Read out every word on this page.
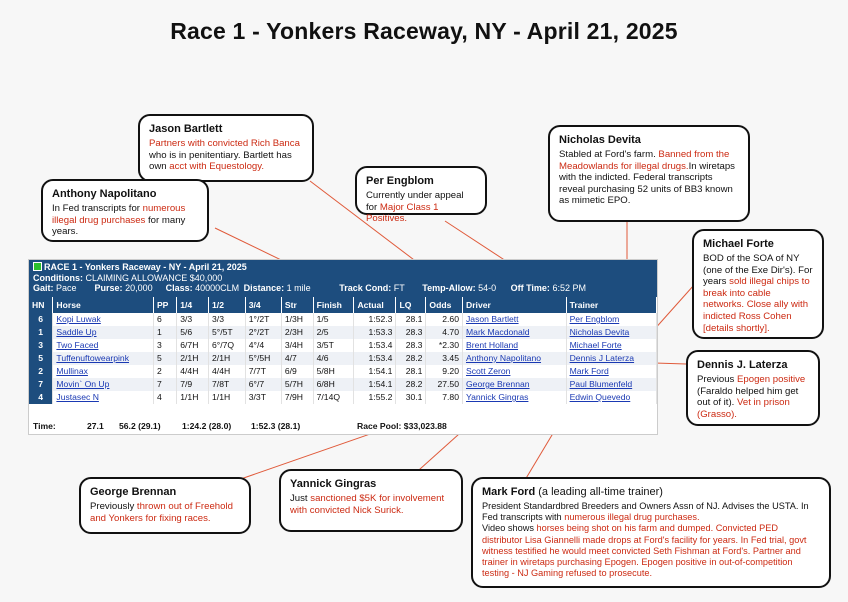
Race 1 - Yonkers Raceway, NY - April 21, 2025
RACE 1 - Yonkers Raceway - NY - April 21, 2025
Conditions: CLAIMING ALLOWANCE $40,000
Gait: Pace Purse: 20,000 Class: 40000CLM Distance: 1 mile	Track Cond: FT Temp-Allow: 54-0 Off Time: 6:52 PM
HN	Horse	PP	1/4	1/2	3/4	Str	Finish	Actual	LQ	Odds	Driver	Trainer
6	Kopi Luwak	6	3/3	3/3	1°/2T	1/3H	1/5	1:52.3	28.1	2.60	Jason Bartlett	Per Engblom
1	Saddle Up	1	5/6	5°/5T	2°/2T	2/3H	2/5	1:53.3	28.3	4.70	Mark Macdonald	Nicholas Devita
3	Two Faced	3	6/7H	6°/7Q	4°/4	3/4H	3/5T	1:53.4	28.3	*2.30	Brent Holland	Michael Forte
5	Tuffenuftowearpink	5	2/1H	2/1H	5°/5H	4/7	4/6	1:53.4	28.2	3.45	Anthony Napolitano	Dennis J Laterza
2	Mullinax	2	4/4H	4/4H	7/7T	6/9	5/8H	1:54.1	28.1	9.20	Scott Zeron	Mark Ford
7	Movin` On Up	7	7/9	7/8T	6°/7	5/7H	6/8H	1:54.1	28.2	27.50	George Brennan	Paul Blumenfeld
4	Justasec N	4	1/1H	1/1H	3/3T	7/9H	7/14Q	1:55.2	30.1	7.80	Yannick Gingras	Edwin Quevedo
Time:	27.1 56.2 (29.1) 1:24.2 (28.0) 1:52.3 (28.1)	Race Pool: $33,023.88
Jason Bartlett
Partners with convicted Rich Banca who is in penitentiary. Bartlett has own acct with Equestology.
Anthony Napolitano
In Fed transcripts for numerous illegal drug purchases for many years.
Per Engblom
Currently under appeal for Major Class 1 Positives.
Nicholas Devita
Stabled at Ford's farm. Banned from the Meadowlands for illegal drugs.In wiretaps with the indicted. Federal transcripts reveal purchasing 52 units of BB3 known as mimetic EPO.
Michael Forte
BOD of the SOA of NY (one of the Exe Dir's). For years sold illegal chips to break into cable networks. Close ally with indicted Ross Cohen [details shortly].
Dennis J. Laterza
Previous Epogen positive (Faraldo helped him get out of it). Vet in prison (Grasso).
George Brennan
Previously thrown out of Freehold and Yonkers for fixing races.
Yannick Gingras
Just sanctioned $5K for involvement with convicted Nick Surick.
Mark Ford (a leading all-time trainer)
President Standardbred Breeders and Owners Assn of NJ. Advises the USTA. In Fed transcripts with numerous illegal drug purchases.
Video shows horses being shot on his farm and dumped. Convicted PED distributor Lisa Giannelli made drops at Ford's facility for years. In Fed trial, govt witness testified he would meet convicted Seth Fishman at Ford's. Partner and trainer in wiretaps purchasing Epogen. Epogen positive in out-of-competition testing - NJ Gaming refused to prosecute.
